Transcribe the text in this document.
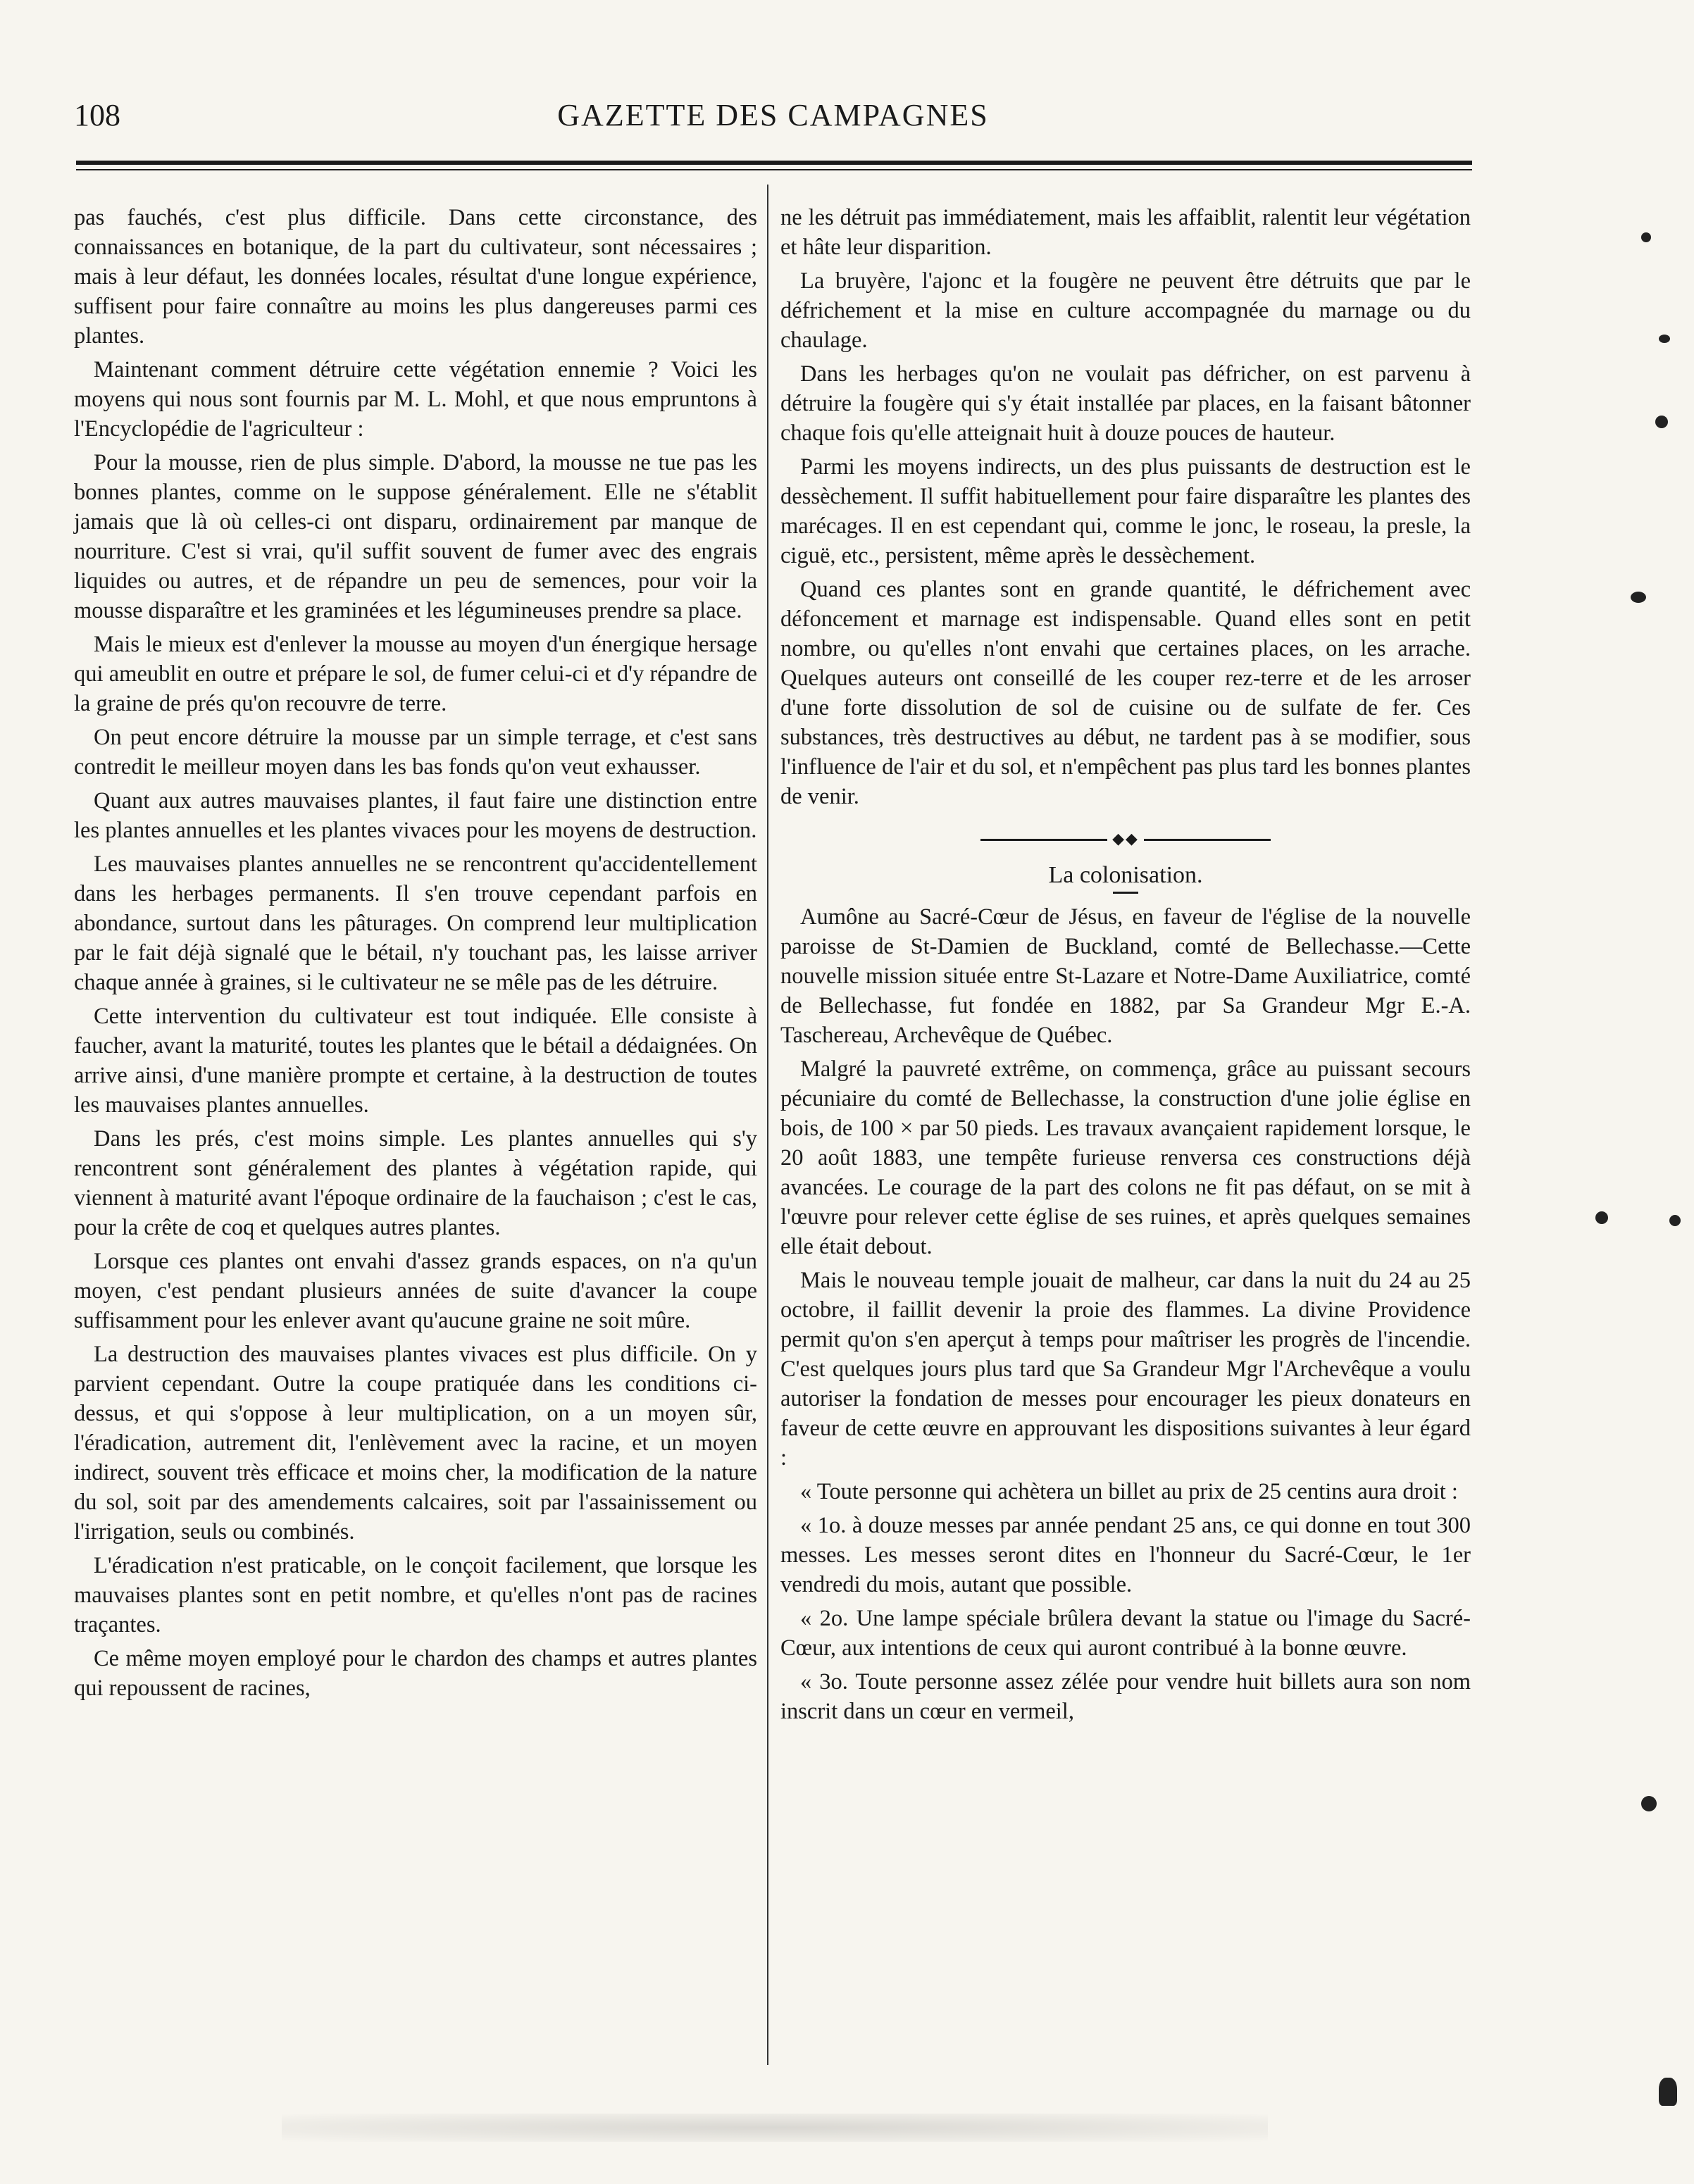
108	GAZETTE DES CAMPAGNES

pas fauchés, c'est plus difficile. Dans cette circonstance, des connaissances en botanique, de la part du cultivateur, sont nécessaires ; mais à leur défaut, les données locales, résultat d'une longue expérience, suffisent pour faire connaître au moins les plus dangereuses parmi ces plantes.

Maintenant comment détruire cette végétation ennemie ? Voici les moyens qui nous sont fournis par M. L. Mohl, et que nous empruntons à l'Encyclopédie de l'agriculteur :

Pour la mousse, rien de plus simple. D'abord, la mousse ne tue pas les bonnes plantes, comme on le suppose généralement. Elle ne s'établit jamais que là où celles-ci ont disparu, ordinairement par manque de nourriture. C'est si vrai, qu'il suffit souvent de fumer avec des engrais liquides ou autres, et de répandre un peu de semences, pour voir la mousse disparaître et les graminées et les légumineuses prendre sa place.

Mais le mieux est d'enlever la mousse au moyen d'un énergique hersage qui ameublit en outre et prépare le sol, de fumer celui-ci et d'y répandre de la graine de prés qu'on recouvre de terre.

On peut encore détruire la mousse par un simple terrage, et c'est sans contredit le meilleur moyen dans les bas fonds qu'on veut exhausser.

Quant aux autres mauvaises plantes, il faut faire une distinction entre les plantes annuelles et les plantes vivaces pour les moyens de destruction.

Les mauvaises plantes annuelles ne se rencontrent qu'accidentellement dans les herbages permanents. Il s'en trouve cependant parfois en abondance, surtout dans les pâturages. On comprend leur multiplication par le fait déjà signalé que le bétail, n'y touchant pas, les laisse arriver chaque année à graines, si le cultivateur ne se mêle pas de les détruire.

Cette intervention du cultivateur est tout indiquée. Elle consiste à faucher, avant la maturité, toutes les plantes que le bétail a dédaignées. On arrive ainsi, d'une manière prompte et certaine, à la destruction de toutes les mauvaises plantes annuelles.

Dans les prés, c'est moins simple. Les plantes annuelles qui s'y rencontrent sont généralement des plantes à végétation rapide, qui viennent à maturité avant l'époque ordinaire de la fauchaison ; c'est le cas, pour la crête de coq et quelques autres plantes.

Lorsque ces plantes ont envahi d'assez grands espaces, on n'a qu'un moyen, c'est pendant plusieurs années de suite d'avancer la coupe suffisamment pour les enlever avant qu'aucune graine ne soit mûre.

La destruction des mauvaises plantes vivaces est plus difficile. On y parvient cependant. Outre la coupe pratiquée dans les conditions ci-dessus, et qui s'oppose à leur multiplication, on a un moyen sûr, l'éradication, autrement dit, l'enlèvement avec la racine, et un moyen indirect, souvent très efficace et moins cher, la modification de la nature du sol, soit par des amendements calcaires, soit par l'assainissement ou l'irrigation, seuls ou combinés.

L'éradication n'est praticable, on le conçoit facilement, que lorsque les mauvaises plantes sont en petit nombre, et qu'elles n'ont pas de racines traçantes.

Ce même moyen employé pour le chardon des champs et autres plantes qui repoussent de racines,

ne les détruit pas immédiatement, mais les affaiblit, ralentit leur végétation et hâte leur disparition.

La bruyère, l'ajonc et la fougère ne peuvent être détruits que par le défrichement et la mise en culture accompagnée du marnage ou du chaulage.

Dans les herbages qu'on ne voulait pas défricher, on est parvenu à détruire la fougère qui s'y était installée par places, en la faisant bâtonner chaque fois qu'elle atteignait huit à douze pouces de hauteur.

Parmi les moyens indirects, un des plus puissants de destruction est le dessèchement. Il suffit habituellement pour faire disparaître les plantes des marécages. Il en est cependant qui, comme le jonc, le roseau, la presle, la ciguë, etc., persistent, même après le dessèchement.

Quand ces plantes sont en grande quantité, le défrichement avec défoncement et marnage est indispensable. Quand elles sont en petit nombre, ou qu'elles n'ont envahi que certaines places, on les arrache. Quelques auteurs ont conseillé de les couper rez-terre et de les arroser d'une forte dissolution de sol de cuisine ou de sulfate de fer. Ces substances, très destructives au début, ne tardent pas à se modifier, sous l'influence de l'air et du sol, et n'empêchent pas plus tard les bonnes plantes de venir.

◆◆
La colonisation.

Aumône au Sacré-Cœur de Jésus, en faveur de l'église de la nouvelle paroisse de St-Damien de Buckland, comté de Bellechasse.—Cette nouvelle mission située entre St-Lazare et Notre-Dame Auxiliatrice, comté de Bellechasse, fut fondée en 1882, par Sa Grandeur Mgr E.-A. Taschereau, Archevêque de Québec.

Malgré la pauvreté extrême, on commença, grâce au puissant secours pécuniaire du comté de Bellechasse, la construction d'une jolie église en bois, de 100 × par 50 pieds. Les travaux avançaient rapidement lorsque, le 20 août 1883, une tempête furieuse renversa ces constructions déjà avancées. Le courage de la part des colons ne fit pas défaut, on se mit à l'œuvre pour relever cette église de ses ruines, et après quelques semaines elle était debout.

Mais le nouveau temple jouait de malheur, car dans la nuit du 24 au 25 octobre, il faillit devenir la proie des flammes. La divine Providence permit qu'on s'en aperçut à temps pour maîtriser les progrès de l'incendie. C'est quelques jours plus tard que Sa Grandeur Mgr l'Archevêque a voulu autoriser la fondation de messes pour encourager les pieux donateurs en faveur de cette œuvre en approuvant les dispositions suivantes à leur égard :

« Toute personne qui achètera un billet au prix de 25 centins aura droit :

« 1o. à douze messes par année pendant 25 ans, ce qui donne en tout 300 messes. Les messes seront dites en l'honneur du Sacré-Cœur, le 1er vendredi du mois, autant que possible.

« 2o. Une lampe spéciale brûlera devant la statue ou l'image du Sacré-Cœur, aux intentions de ceux qui auront contribué à la bonne œuvre.

« 3o. Toute personne assez zélée pour vendre huit billets aura son nom inscrit dans un cœur en vermeil,
